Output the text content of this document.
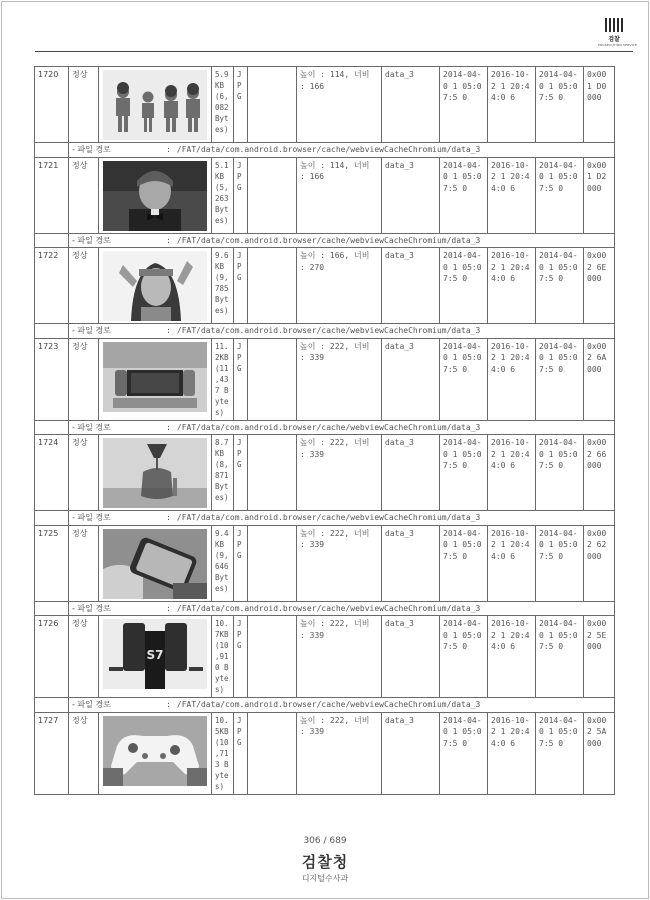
검찰
PROSECUTION SERVICE
1720	정상		5.9 KB (6, 082 Bytes)	JP G		높이 : 114, 너비 : 166	data_3	2014-04-0 1 05:07:5 0	2016-10-2 1 20:44:0 6	2014-04-0 1 05:07:5 0	0x001 D0000
	- 파일 경로 : /FAT/data/com.android.browser/cache/webviewCacheChromium/data_3										
1721	정상		5.1 KB (5, 263 Bytes)	JP G		높이 : 114, 너비 : 166	data_3	2014-04-0 1 05:07:5 0	2016-10-2 1 20:44:0 6	2014-04-0 1 05:07:5 0	0x001 D2000
	- 파일 경로 : /FAT/data/com.android.browser/cache/webviewCacheChromium/data_3										
1722	정상		9.6 KB (9, 785 Bytes)	JP G		높이 : 166, 너비 : 270	data_3	2014-04-0 1 05:07:5 0	2016-10-2 1 20:44:0 6	2014-04-0 1 05:07:5 0	0x002 6E000
	- 파일 경로 : /FAT/data/com.android.browser/cache/webviewCacheChromium/data_3										
1723	정상		11. 2KB (11 ,43 7 B ytes)	JP G		높이 : 222, 너비 : 339	data_3	2014-04-0 1 05:07:5 0	2016-10-2 1 20:44:0 6	2014-04-0 1 05:07:5 0	0x002 6A000
	- 파일 경로 : /FAT/data/com.android.browser/cache/webviewCacheChromium/data_3										
1724	정상		8.7 KB (8, 871 Bytes)	JP G		높이 : 222, 너비 : 339	data_3	2014-04-0 1 05:07:5 0	2016-10-2 1 20:44:0 6	2014-04-0 1 05:07:5 0	0x002 66000
	- 파일 경로 : /FAT/data/com.android.browser/cache/webviewCacheChromium/data_3										
1725	정상		9.4 KB (9, 646 Bytes)	JP G		높이 : 222, 너비 : 339	data_3	2014-04-0 1 05:07:5 0	2016-10-2 1 20:44:0 6	2014-04-0 1 05:07:5 0	0x002 62000
	- 파일 경로 : /FAT/data/com.android.browser/cache/webviewCacheChromium/data_3										
1726	정상	S7	10. 7KB (10 ,91 0 B ytes)	JP G		높이 : 222, 너비 : 339	data_3	2014-04-0 1 05:07:5 0	2016-10-2 1 20:44:0 6	2014-04-0 1 05:07:5 0	0x002 5E000
	- 파일 경로 : /FAT/data/com.android.browser/cache/webviewCacheChromium/data_3										
1727	정상		10. 5KB (10 ,71 3 B ytes)	JP G		높이 : 222, 너비 : 339	data_3	2014-04-0 1 05:07:5 0	2016-10-2 1 20:44:0 6	2014-04-0 1 05:07:5 0	0x002 5A000
306 / 689
검찰청
디지털수사과
